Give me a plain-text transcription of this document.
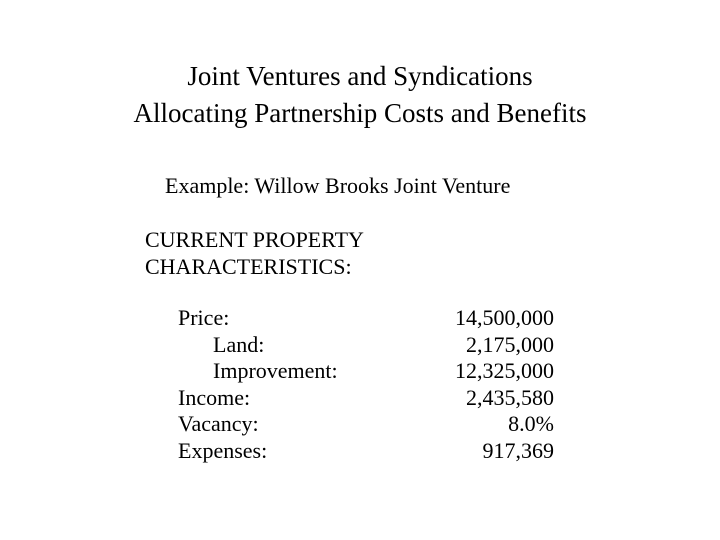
Joint Ventures and Syndications
Allocating Partnership Costs and Benefits
Example: Willow Brooks Joint Venture
CURRENT PROPERTY
CHARACTERISTICS:
Price:	14,500,000
Land:	2,175,000
Improvement:	12,325,000
Income:	2,435,580
Vacancy:	8.0%
Expenses:	917,369
